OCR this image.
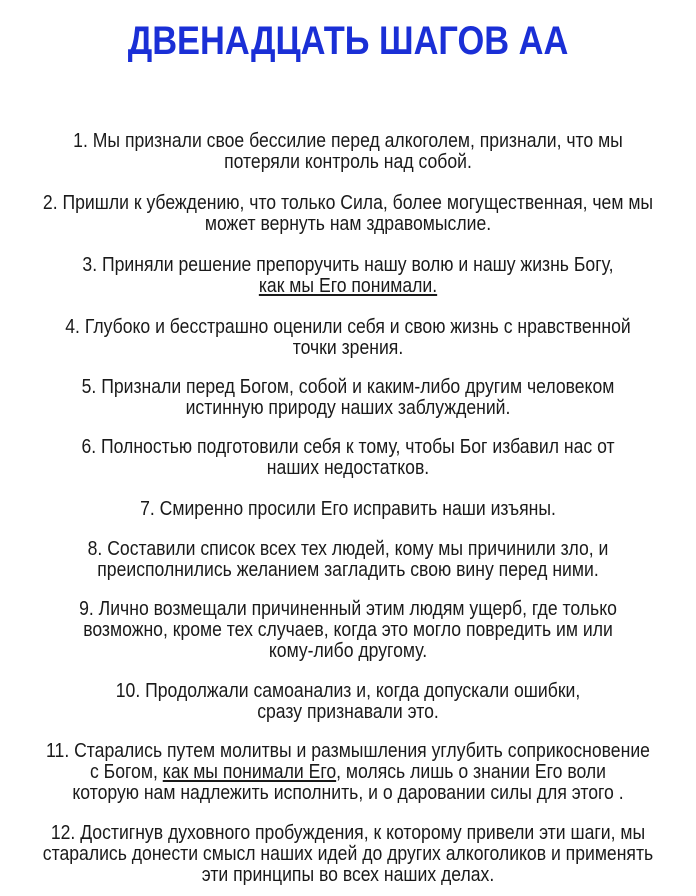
ДВЕНАДЦАТЬ ШАГОВ АА
1. Мы признали свое бессилие перед алкоголем, признали, что мы
потеряли контроль над собой.
2. Пришли к убеждению, что только Сила, более могущественная, чем мы
может вернуть нам здравомыслие.
3. Приняли решение препоручить нашу волю и нашу жизнь Богу,
как мы Его понимали.
4. Глубоко и бесстрашно оценили себя и свою жизнь с нравственной
точки зрения.
5. Признали перед Богом, собой и каким-либо другим человеком
истинную природу наших заблуждений.
6. Полностью подготовили себя к тому, чтобы Бог избавил нас от
наших недостатков.
7. Смиренно просили Его исправить наши изъяны.
8. Составили список всех тех людей, кому мы причинили зло, и
преисполнились желанием загладить свою вину перед ними.
9. Лично возмещали причиненный этим людям ущерб, где только
возможно, кроме тех случаев, когда это могло повредить им или
кому-либо другому.
10. Продолжали самоанализ и, когда допускали ошибки,
сразу признавали это.
11. Старались путем молитвы и размышления углубить соприкосновение
с Богом, как мы понимали Его, молясь лишь о знании Его воли
которую нам надлежить исполнить, и о даровании силы для этого .
12. Достигнув духовного пробуждения, к которому привели эти шаги, мы
старались донести смысл наших идей до других алкоголиков и применять
эти принципы во всех наших делах.
